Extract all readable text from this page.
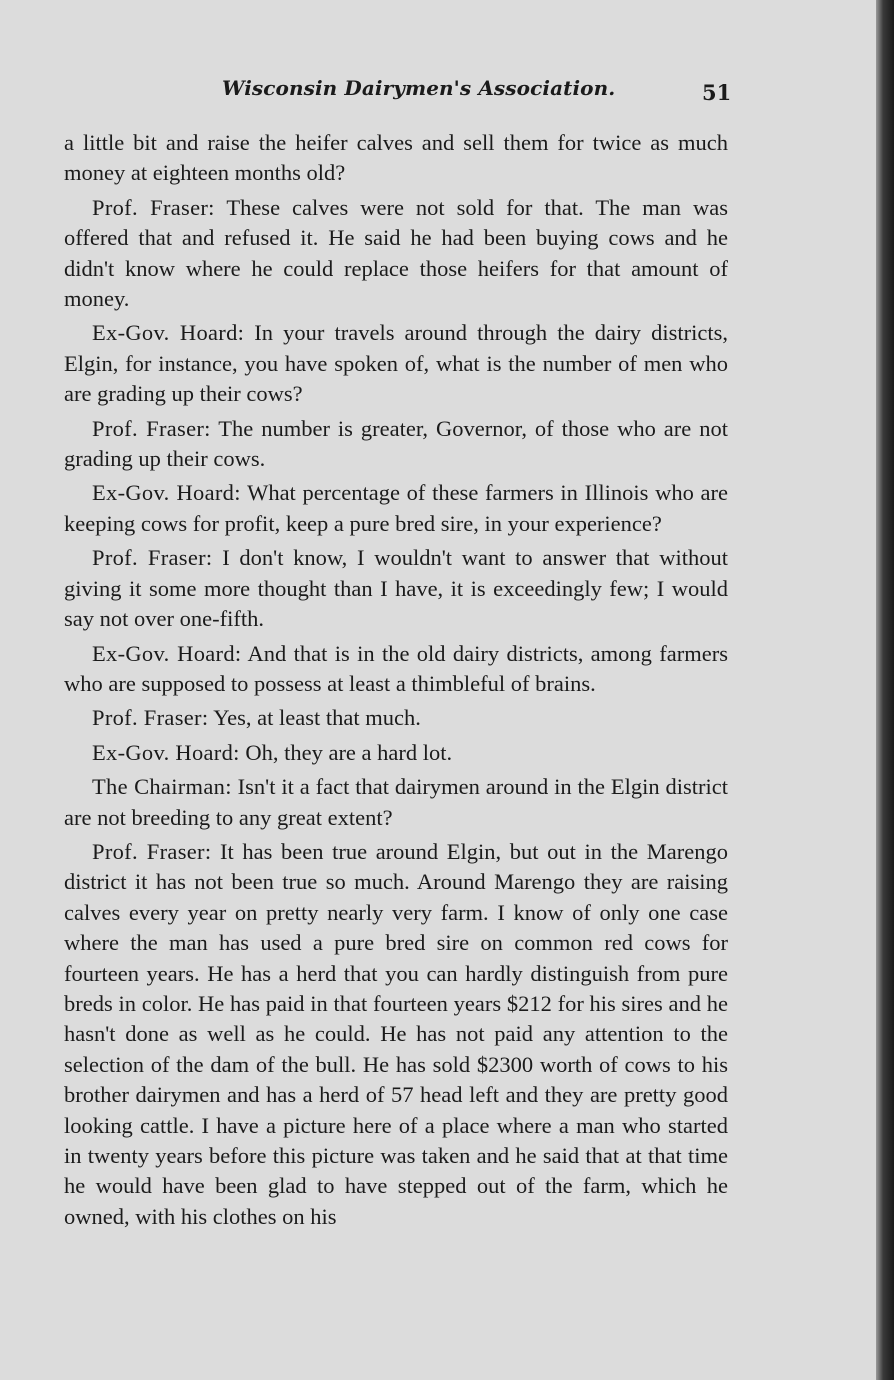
Wisconsin Dairymen's Association.	51

a little bit and raise the heifer calves and sell them for twice as much money at eighteen months old?

Prof. Fraser: These calves were not sold for that. The man was offered that and refused it. He said he had been buying cows and he didn't know where he could replace those heifers for that amount of money.

Ex-Gov. Hoard: In your travels around through the dairy districts, Elgin, for instance, you have spoken of, what is the number of men who are grading up their cows?

Prof. Fraser: The number is greater, Governor, of those who are not grading up their cows.

Ex-Gov. Hoard: What percentage of these farmers in Illinois who are keeping cows for profit, keep a pure bred sire, in your experience?

Prof. Fraser: I don't know, I wouldn't want to answer that without giving it some more thought than I have, it is exceedingly few; I would say not over one-fifth.

Ex-Gov. Hoard: And that is in the old dairy districts, among farmers who are supposed to possess at least a thimbleful of brains.

Prof. Fraser: Yes, at least that much.

Ex-Gov. Hoard: Oh, they are a hard lot.

The Chairman: Isn't it a fact that dairymen around in the Elgin district are not breeding to any great extent?

Prof. Fraser: It has been true around Elgin, but out in the Marengo district it has not been true so much. Around Marengo they are raising calves every year on pretty nearly very farm. I know of only one case where the man has used a pure bred sire on common red cows for fourteen years. He has a herd that you can hardly distinguish from pure breds in color. He has paid in that fourteen years $212 for his sires and he hasn't done as well as he could. He has not paid any attention to the selection of the dam of the bull. He has sold $2300 worth of cows to his brother dairymen and has a herd of 57 head left and they are pretty good looking cattle. I have a picture here of a place where a man who started in twenty years before this picture was taken and he said that at that time he would have been glad to have stepped out of the farm, which he owned, with his clothes on his
